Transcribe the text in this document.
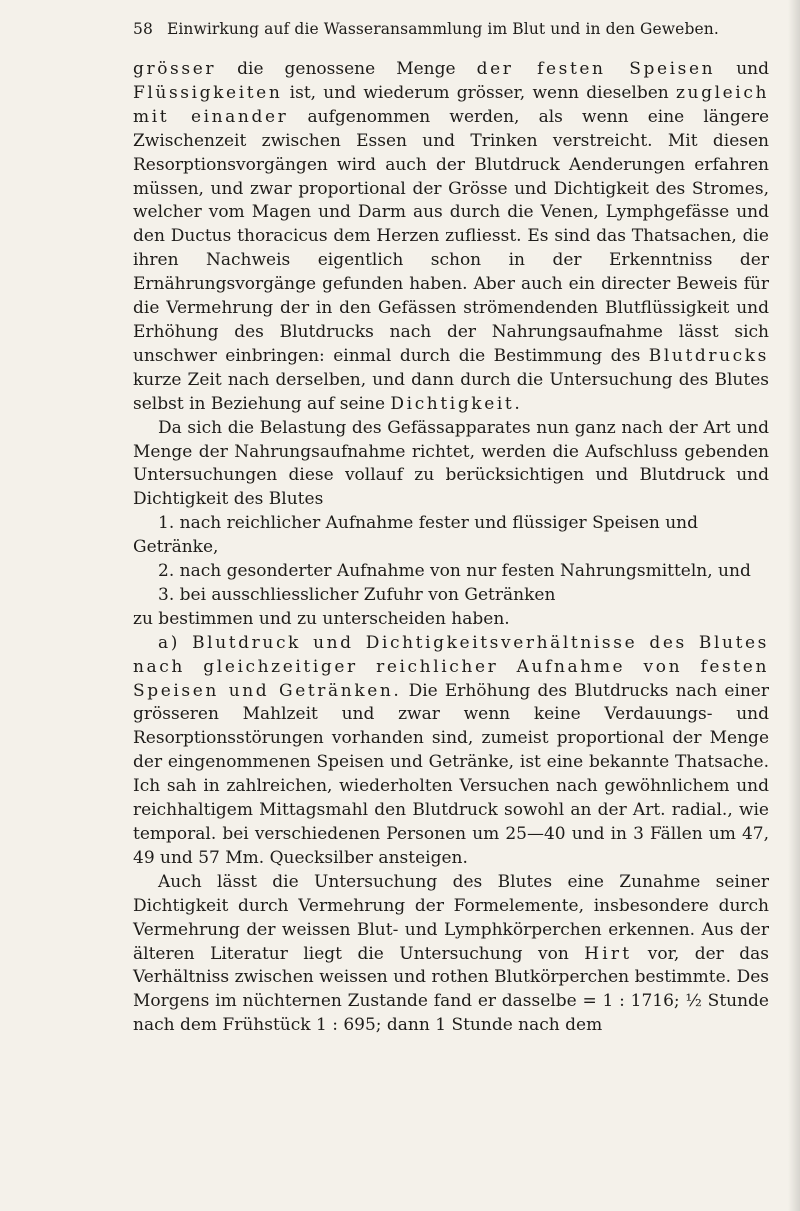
58 Einwirkung auf die Wasseransammlung im Blut und in den Geweben.

grösser die genossene Menge der festen Speisen und Flüssigkeiten ist, und wiederum grösser, wenn dieselben zugleich mit einander aufgenommen werden, als wenn eine längere Zwischenzeit zwischen Essen und Trinken verstreicht. Mit diesen Resorptionsvorgängen wird auch der Blutdruck Aenderungen erfahren müssen, und zwar proportional der Grösse und Dichtigkeit des Stromes, welcher vom Magen und Darm aus durch die Venen, Lymphgefässe und den Ductus thoracicus dem Herzen zufliesst. Es sind das Thatsachen, die ihren Nachweis eigentlich schon in der Erkenntniss der Ernährungsvorgänge gefunden haben. Aber auch ein directer Beweis für die Vermehrung der in den Gefässen strömendenden Blutflüssigkeit und Erhöhung des Blutdrucks nach der Nahrungsaufnahme lässt sich unschwer einbringen: einmal durch die Bestimmung des Blutdrucks kurze Zeit nach derselben, und dann durch die Untersuchung des Blutes selbst in Beziehung auf seine Dichtigkeit.

Da sich die Belastung des Gefässapparates nun ganz nach der Art und Menge der Nahrungsaufnahme richtet, werden die Aufschluss gebenden Untersuchungen diese vollauf zu berücksichtigen und Blutdruck und Dichtigkeit des Blutes

1. nach reichlicher Aufnahme fester und flüssiger Speisen und Getränke,

2. nach gesonderter Aufnahme von nur festen Nahrungsmitteln, und

3. bei ausschliesslicher Zufuhr von Getränken

zu bestimmen und zu unterscheiden haben.

a) Blutdruck und Dichtigkeitsverhältnisse des Blutes nach gleichzeitiger reichlicher Aufnahme von festen Speisen und Getränken. Die Erhöhung des Blutdrucks nach einer grösseren Mahlzeit und zwar wenn keine Verdauungs- und Resorptionsstörungen vorhanden sind, zumeist proportional der Menge der eingenommenen Speisen und Getränke, ist eine bekannte Thatsache. Ich sah in zahlreichen, wiederholten Versuchen nach gewöhnlichem und reichhaltigem Mittagsmahl den Blutdruck sowohl an der Art. radial., wie temporal. bei verschiedenen Personen um 25—40 und in 3 Fällen um 47, 49 und 57 Mm. Quecksilber ansteigen.

Auch lässt die Untersuchung des Blutes eine Zunahme seiner Dichtigkeit durch Vermehrung der Formelemente, insbesondere durch Vermehrung der weissen Blut- und Lymphkörperchen erkennen. Aus der älteren Literatur liegt die Untersuchung von Hirt vor, der das Verhältniss zwischen weissen und rothen Blutkörperchen bestimmte. Des Morgens im nüchternen Zustande fand er dasselbe = 1 : 1716; ½ Stunde nach dem Frühstück 1 : 695; dann 1 Stunde nach dem
